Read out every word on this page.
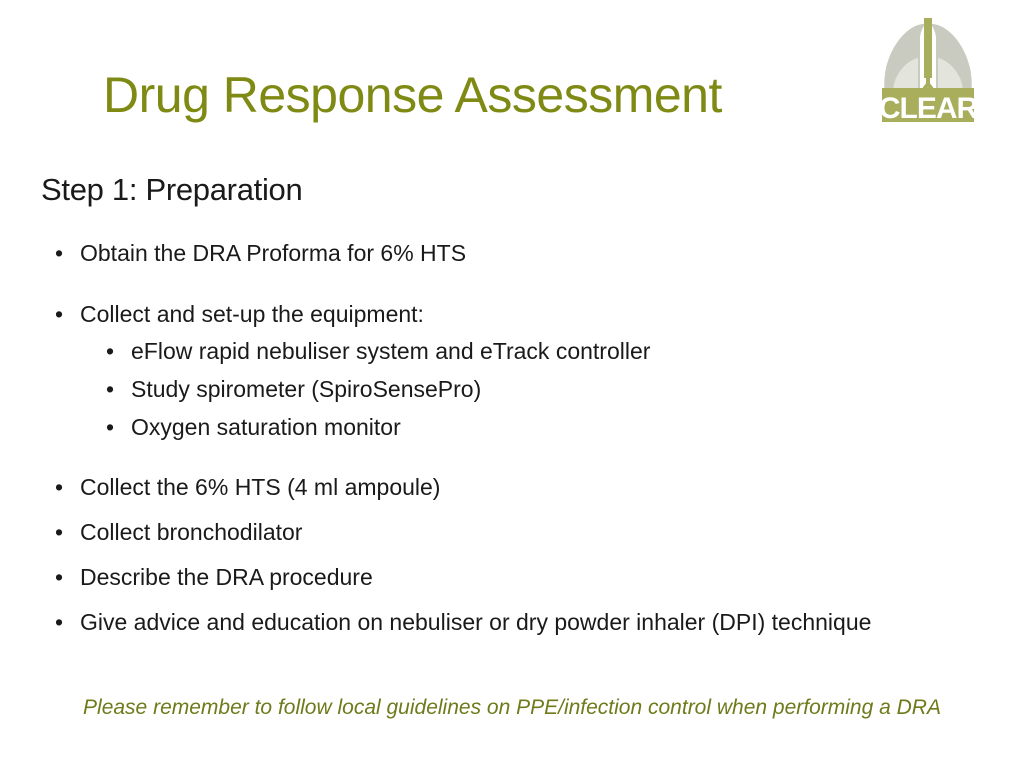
Drug Response Assessment	CLEAR
Step 1: Preparation
• Obtain the DRA Proforma for 6% HTS
• Collect and set-up the equipment:
• eFlow rapid nebuliser system and eTrack controller
• Study spirometer (SpiroSensePro)
• Oxygen saturation monitor
• Collect the 6% HTS (4 ml ampoule)
• Collect bronchodilator
• Describe the DRA procedure
• Give advice and education on nebuliser or dry powder inhaler (DPI) technique
Please remember to follow local guidelines on PPE/infection control when performing a DRA
